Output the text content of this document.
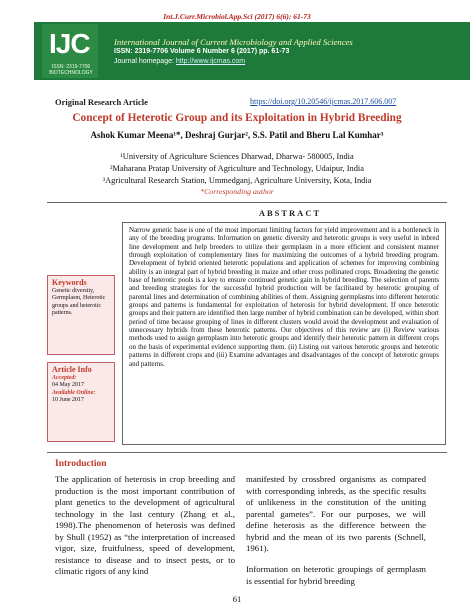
Int.J.Curr.Microbiol.App.Sci (2017) 6(6): 61-73
IJC
ISSN: 2319-7706 BIOTECHNOLOGY
International Journal of Current Microbiology and Applied Sciences
ISSN: 2319-7706 Volume 6 Number 6 (2017) pp. 61-73
Journal homepage: http://www.ijcmas.com
Original Research Article	https://doi.org/10.20546/ijcmas.2017.606.007
Concept of Heterotic Group and its Exploitation in Hybrid Breeding
Ashok Kumar Meena¹*, Deshraj Gurjar², S.S. Patil and Bheru Lal Kumhar³
¹University of Agriculture Sciences Dharwad, Dharwa- 580005, India
²Maharana Pratap University of Agriculture and Technology, Udaipur, India
³Agricultural Research Station, Ummedganj, Agriculture University, Kota, India
*Corresponding author
ABSTRACT
Narrow genetic base is one of the most important limiting factors for yield improvement and is a bottleneck in any of the breeding programs. Information on genetic diversity and heterotic groups is very useful in inbred line development and help breeders to utilize their germplasm in a more efficient and consistent manner through exploitation of complementary lines for maximizing the outcomes of a hybrid breeding program. Development of hybrid oriented heterotic populations and application of schemes for improving combining ability is an integral part of hybrid breeding in maize and other cross pollinated crops. Broadening the genetic base of heterotic pools is a key to ensure continued genetic gain in hybrid breeding. The selection of parents and breeding strategies for the successful hybrid production will be facilitated by heterotic grouping of parental lines and determination of combining abilities of them. Assigning germplasms into different heterotic groups and patterns is fundamental for exploitation of heterosis for hybrid development. If once heterotic groups and their pattern are identified then large number of hybrid combination can be developed, within short period of time because grouping of lines in different clusters would avoid the development and evaluation of unnecessary hybrids from these heterotic patterns. Our objectives of this review are (i) Review various methods used to assign germplasm into heterotic groups and identify their heterotic pattern in different crops on the basis of experimental evidence supporting them. (ii) Listing out various heterotic groups and heterotic patterns in different crops and (iii) Examine advantages and disadvantages of the concept of heterotic groups and patterns.
Keywords
Genetic diversity, Germplasm, Heterotic groups and heterotic patterns.
Article Info
Accepted:
04 May 2017
Available Online:
10 June 2017
Introduction
The application of heterosis in crop breeding and production is the most important contribution of plant genetics to the development of agricultural technology in the last century (Zhang et al., 1998).The phenomenon of heterosis was defined by Shull (1952) as “the interpretation of increased vigor, size, fruitfulness, speed of development, resistance to disease and to insect pests, or to climatic rigors of any kind
manifested by crossbred organisms as compared with corresponding inbreds, as the specific results of unlikeness in the constitution of the uniting parental gametes”. For our purposes, we will define heterosis as the difference between the hybrid and the mean of its two parents (Schnell, 1961).
Information on heterotic groupings of germplasm is essential for hybrid breeding
61
